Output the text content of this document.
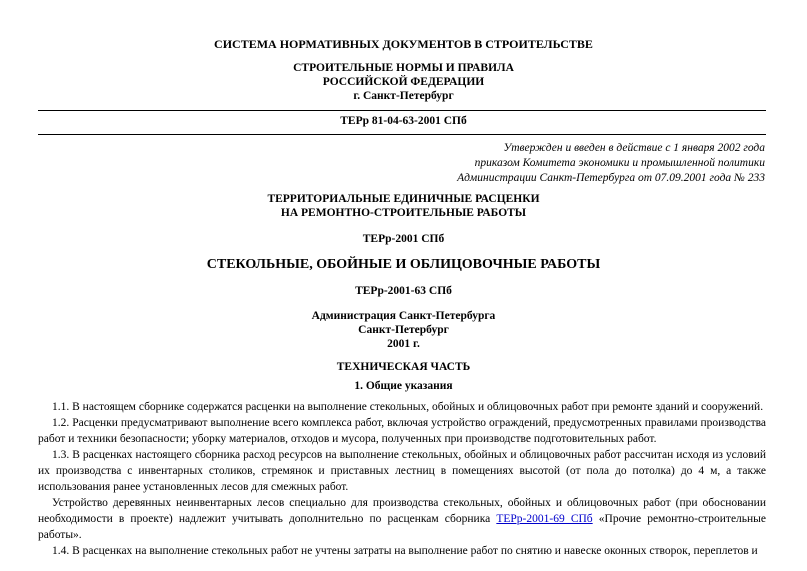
СИСТЕМА НОРМАТИВНЫХ ДОКУМЕНТОВ В СТРОИТЕЛЬСТВЕ
СТРОИТЕЛЬНЫЕ НОРМЫ И ПРАВИЛА
РОССИЙСКОЙ ФЕДЕРАЦИИ
г. Санкт-Петербург
ТЕРр 81-04-63-2001 СПб
Утвержден и введен в действие с 1 января 2002 года
приказом Комитета экономики и промышленной политики
Администрации Санкт-Петербурга от 07.09.2001 года № 233
ТЕРРИТОРИАЛЬНЫЕ ЕДИНИЧНЫЕ РАСЦЕНКИ
НА РЕМОНТНО-СТРОИТЕЛЬНЫЕ РАБОТЫ
ТЕРр-2001 СПб
СТЕКОЛЬНЫЕ, ОБОЙНЫЕ И ОБЛИЦОВОЧНЫЕ РАБОТЫ
ТЕРр-2001-63 СПб
Администрация Санкт-Петербурга
Санкт-Петербург
2001 г.
ТЕХНИЧЕСКАЯ ЧАСТЬ
1. Общие указания

1.1. В настоящем сборнике содержатся расценки на выполнение стекольных, обойных и облицовочных работ при ремонте зданий и сооружений.

1.2. Расценки предусматривают выполнение всего комплекса работ, включая устройство ограждений, предусмотренных правилами производства работ и техники безопасности; уборку материалов, отходов и мусора, полученных при производстве подготовительных работ.

1.3. В расценках настоящего сборника расход ресурсов на выполнение стекольных, обойных и облицовочных работ рассчитан исходя из условий их производства с инвентарных столиков, стремянок и приставных лестниц в помещениях высотой (от пола до потолка) до 4 м, а также использования ранее установленных лесов для смежных работ.

Устройство деревянных неинвентарных лесов специально для производства стекольных, обойных и облицовочных работ (при обосновании необходимости в проекте) надлежит учитывать дополнительно по расценкам сборника ТЕРр-2001-69 СПб «Прочие ремонтно-строительные работы».

1.4. В расценках на выполнение стекольных работ не учтены затраты на выполнение работ по снятию и навеске оконных створок, переплетов и
